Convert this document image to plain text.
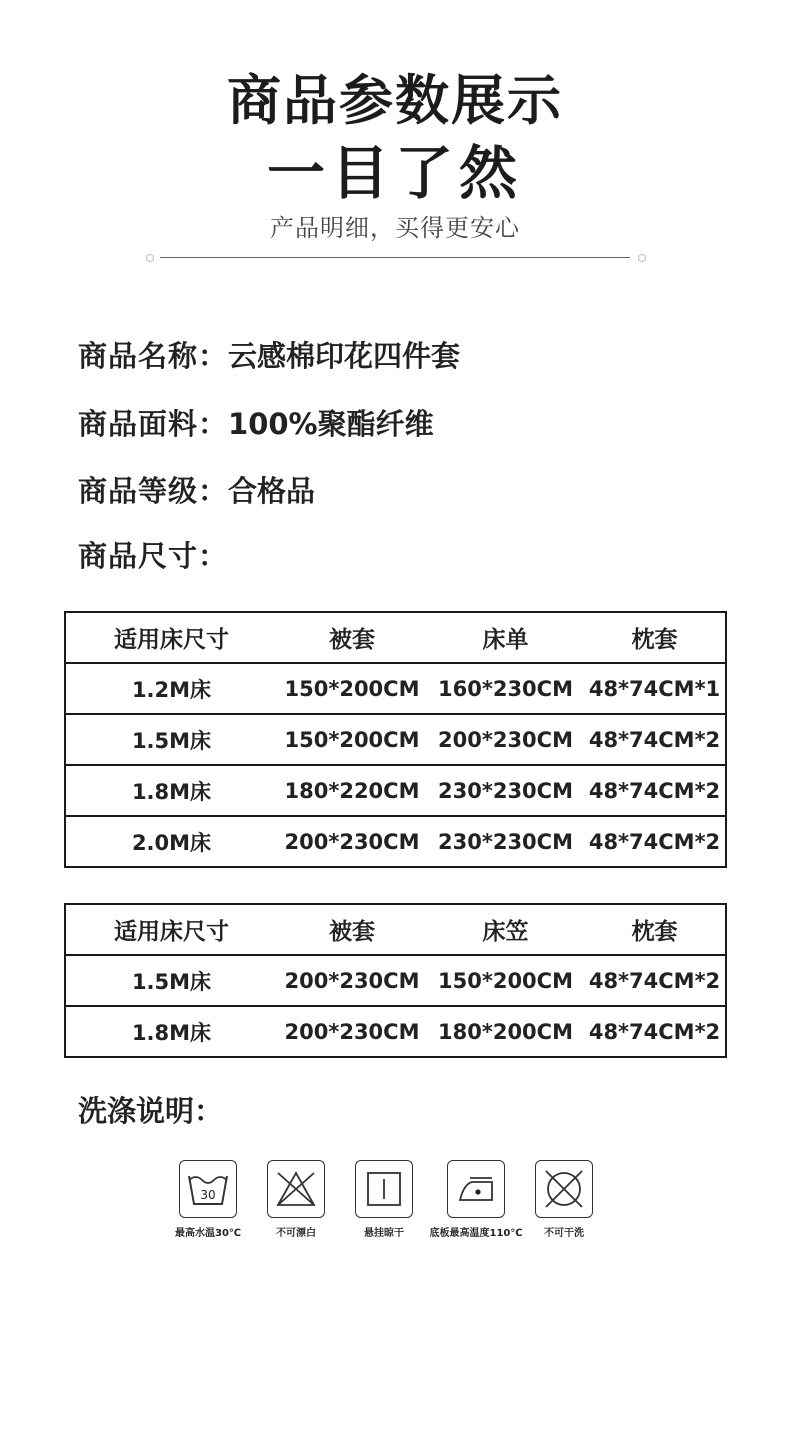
商品参数展示
一目了然
产品明细，买得更安心
商品名称：云感棉印花四件套
商品面料：100%聚酯纤维
商品等级：合格品
商品尺寸：
适用床尺寸	被套	床单	枕套
1.2M床	150*200CM	160*230CM	48*74CM*1
1.5M床	150*200CM	200*230CM	48*74CM*2
1.8M床	180*220CM	230*230CM	48*74CM*2
2.0M床	200*230CM	230*230CM	48*74CM*2
适用床尺寸	被套	床笠	枕套
1.5M床	200*230CM	150*200CM	48*74CM*2
1.8M床	200*230CM	180*200CM	48*74CM*2
洗涤说明：
30
最高水温30℃	不可漂白	悬挂晾干	底板最高温度110℃	不可干洗
